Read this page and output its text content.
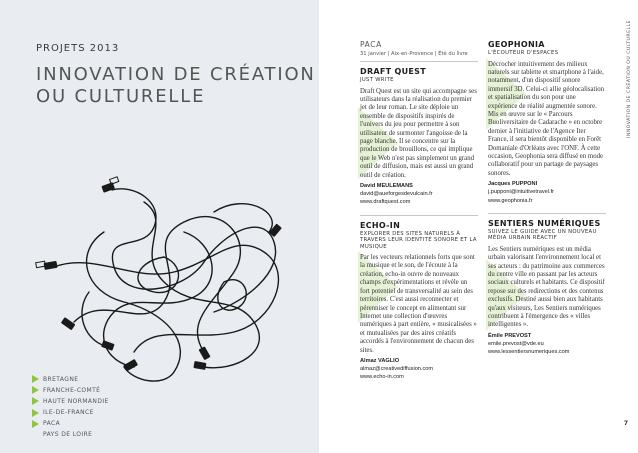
PROJETS 2013
INNOVATION DE CRÉATION
OU CULTURELLE
BRETAGNE
FRANCHE-COMTÉ
HAUTE NORMANDIE
ILE-DE-FRANCE
PACA
PAYS DE LOIRE
PACA
31 janvier | Aix-en-Provence | Été du livre
DRAFT QUEST
JUST WRITE
Draft Quest est un site qui accompagne ses utilisateurs dans la réalisation du premier jet de leur roman. Le site déploie un ensemble de dispositifs inspirés de l'univers du jeu pour permettre à son utilisateur de surmonter l'angoisse de la page blanche. Il se concentre sur la production de brouillons, ce qui implique que le Web n'est pas simplement un grand outil de diffusion, mais est aussi un grand outil de création.
David MEULEMANS
david@aueforgesdevulcain.fr
www.draftquest.com
ECHO-IN
EXPLORER DES SITES NATURELS À TRAVERS LEUR IDENTITÉ SONORE ET LA MUSIQUE
Par les vecteurs relationnels forts que sont la musique et le son, de l'écoute à la création, echo-in ouvre de nouveaux champs d'expérimentations et révèle un fort potentiel de transversalité au sein des territoires. C'est aussi reconnecter et pérenniser le concept en alimentant sur Internet une collection d'œuvres numériques à part entière, « musicalisées » et mutualisées par des aires créatifs accordés à l'environnement de chacun des sites.
Almaz VAGLIO
almaz@creativediffusion.com
www.echo-in.com
GEOPHONIA
L'ÉCOUTEUR D'ESPACES
Décrocher intuitivement des milieux naturels sur tablette et smartphone à l'aide, notamment, d'un dispositif sonore immersif 3D. Celui-ci allie géolocalisation et spatialisation du son pour une expérience de réalité augmentée sonore. Mis en œuvre sur le « Parcours Buoliversitaire de Cadarache » en octobre dernier à l'initiative de l'Agence Iter France, il sera bientôt disponible en Forêt Domaniale d'Orléans avec l'ONF. À cette occasion, Geophonia sera diffusé en mode collaboratif pour un partage de paysages sonores.
Jacques PUPPONI
j.pupponi@intuitivetravel.fr
www.geophonia.fr
SENTIERS NUMÉRIQUES
SUIVEZ LE GUIDE AVEC UN NOUVEAU MÉDIA URBAIN RÉACTIF
Les Sentiers numériques est un média urbain valorisant l'environnement local et ses acteurs : du patrimoine aux commerces du centre ville en passant par les acteurs sociaux culturels et habitants. Ce dispositif repose sur des redirections et des contenus exclusifs. Destiné aussi bien aux habitants qu'aux visiteurs, Les Sentiers numériques contribuent à l'émergence des « villes intelligentes ».
Émile PREVOST
emile.prevost@vde.eu
www.lessentiersnumeriques.com
INNOVATION DE CRÉATION OU CULTURELLE
7
